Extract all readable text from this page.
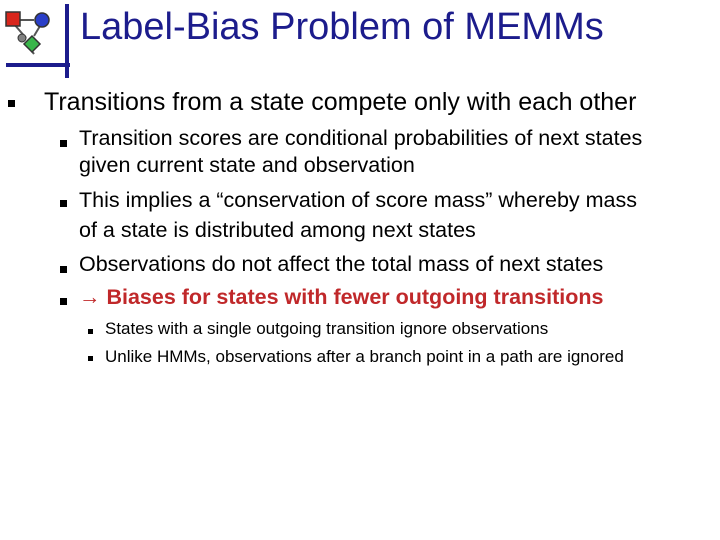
Label-Bias Problem of MEMMs
Transitions from a state compete only with each other
Transition scores are conditional probabilities of next states
given current state and observation
This implies a “conservation of score mass” whereby mass
of a state is distributed among next states
Observations do not affect the total mass of next states
→ Biases for states with fewer outgoing transitions
States with a single outgoing transition ignore observations
Unlike HMMs, observations after a branch point in a path are ignored
